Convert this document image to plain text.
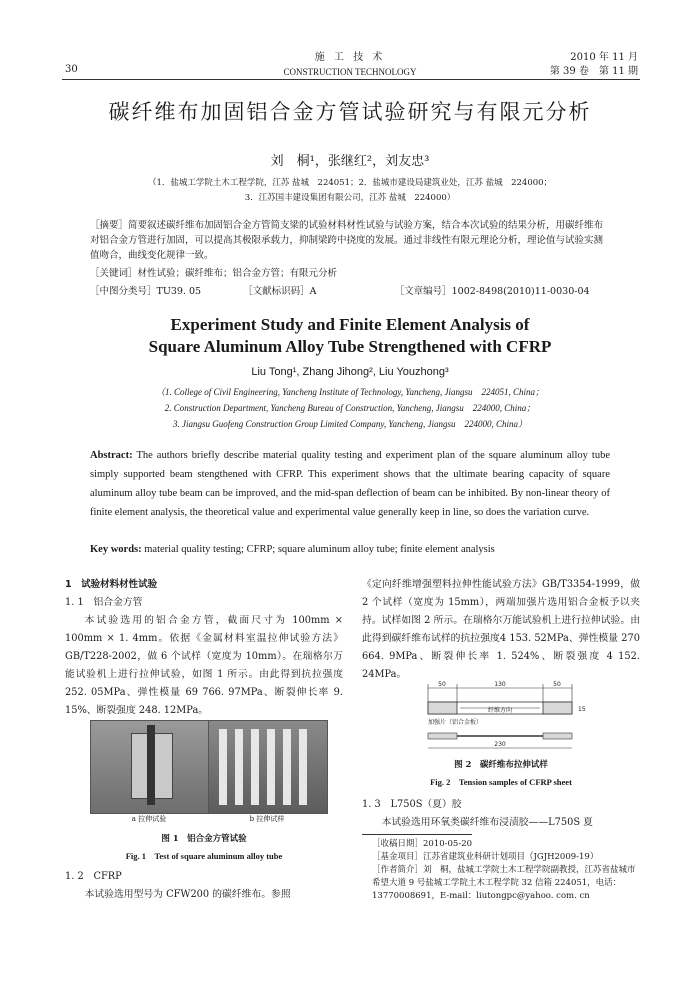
30
施 工 技 术
CONSTRUCTION TECHNOLOGY
2010 年 11 月
第 39 卷　第 11 期
碳纤维布加固铝合金方管试验研究与有限元分析
刘　桐¹，张继红²，刘友忠³
（1．盐城工学院土木工程学院，江苏 盐城　224051；2．盐城市建设局建筑业处，江苏 盐城　224000；
3．江苏国丰建设集团有限公司，江苏 盐城　224000）
［摘要］简要叙述碳纤维布加固铝合金方管简支梁的试验材料材性试验与试验方案，结合本次试验的结果分析，用碳纤维布对铝合金方管进行加固，可以提高其极限承载力，抑制梁跨中挠度的发展。通过非线性有限元理论分析，理论值与试验实测值吻合，曲线变化规律一致。
［关键词］材性试验；碳纤维布；铝合金方管；有限元分析
［中图分类号］TU39. 05	［文献标识码］A	［文章编号］1002-8498(2010)11-0030-04
Experiment Study and Finite Element Analysis of
Square Aluminum Alloy Tube Strengthened with CFRP
Liu Tong¹, Zhang Jihong², Liu Youzhong³
（1. College of Civil Engineering, Yancheng Institute of Technology, Yancheng, Jiangsu　224051, China；
2. Construction Department, Yancheng Bureau of Construction, Yancheng, Jiangsu　224000, China；
3. Jiangsu Guofeng Construction Group Limited Company, Yancheng, Jiangsu　224000, China）
Abstract: The authors briefly describe material quality testing and experiment plan of the square aluminum alloy tube simply supported beam stengthened with CFRP. This experiment shows that the ultimate bearing capacity of square aluminum alloy tube beam can be improved, and the mid-span deflection of beam can be inhibited. By non-linear theory of finite element analysis, the theoretical value and experimental value generally keep in line, so does the variation curve.
Key words: material quality testing; CFRP; square aluminum alloy tube; finite element analysis
1　试验材料材性试验
1. 1　铝合金方管
本试验选用的铝合金方管，截面尺寸为 100mm × 100mm × 1. 4mm。依据《金属材料室温拉伸试验方法》GB/T228-2002，做 6 个试样（宽度为 10mm）。在瑞格尔万能试验机上进行拉伸试验，如图 1 所示。由此得到抗拉强度 252. 05MPa、弹性模量 69 766. 97MPa、断裂伸长率 9. 15%、断裂强度 248. 12MPa。
a 拉伸试验	b 拉伸试样
图 1　铝合金方管试验
Fig. 1　Test of square aluminum alloy tube
1. 2　CFRP
本试验选用型号为 CFW200 的碳纤维布。参照
《定向纤维增强塑料拉伸性能试验方法》GB/T3354-1999，做 2 个试样（宽度为 15mm），两端加强片选用铝合金板予以夹持。试样如图 2 所示。在瑞格尔万能试验机上进行拉伸试验。由此得到碳纤维布试样的抗拉强度4 153. 52MPa、弹性模量 270 664. 9MPa、断裂伸长率 1. 524%、断裂强度 4 152. 24MPa。
50	130	50
纤维方向	15
加强片（铝合金板）
230
图 2　碳纤维布拉伸试样
Fig. 2　Tension samples of CFRP sheet
1. 3　L750S（夏）胶
本试验选用环氧类碳纤维布浸渍胶——L750S 夏
［收稿日期］2010-05-20
［基金项目］江苏省建筑业科研计划项目（JGJH2009-19）
［作者简介］刘　桐，盐城工学院土木工程学院副教授，江苏省盐城市希望大道 9 号盐城工学院土木工程学院 32 信箱 224051，电话：13770008691，E-mail：liutongpc@yahoo. com. cn
